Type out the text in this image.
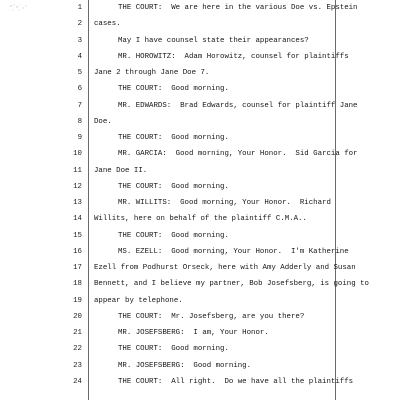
1	THE COURT:  We are here in the various Doe vs. Epstein
2 cases.
3	May I have counsel state their appearances?
4	MR. HOROWITZ:  Adam Horowitz, counsel for plaintiffs
5 Jane 2 through Jane Doe 7.
6	THE COURT:  Good morning.
7	MR. EDWARDS:  Brad Edwards, counsel for plaintiff Jane
8 Doe.
9	THE COURT:  Good morning.
10	MR. GARCIA:  Good morning, Your Honor.  Sid Garcia for
11 Jane Doe II.
12	THE COURT:  Good morning.
13	MR. WILLITS:  Good morning, Your Honor.  Richard
14 Willits, here on behalf of the plaintiff C.M.A..
15	THE COURT:  Good morning.
16	MS. EZELL:  Good morning, Your Honor.  I'm Katherine
17 Ezell from Podhurst Orseck, here with Amy Adderly and Susan
18 Bennett, and I believe my partner, Bob Josefsberg, is going to
19 appear by telephone.
20	THE COURT:  Mr. Josefsberg, are you there?
21	MR. JOSEFSBERG:  I am, Your Honor.
22	THE COURT:  Good morning.
23	MR. JOSEFSBERG:  Good morning.
24	THE COURT:  All right.  Do we have all the plaintiffs
